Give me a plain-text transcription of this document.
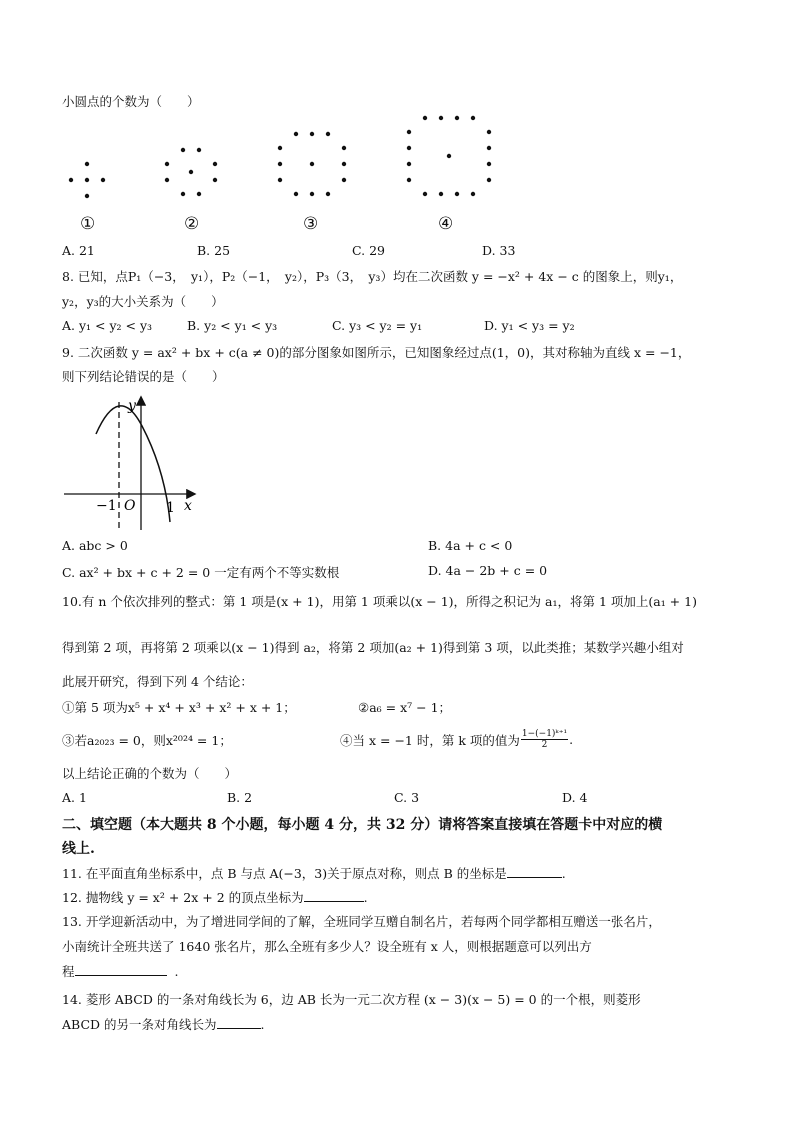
小圆点的个数为（　　）
①	②	③	④
A. 21	B. 25	C. 29	D. 33
8. 已知，点P₁（−3，　y₁），P₂（−1，　y₂），P₃（3，　y₃）均在二次函数 y = −x² + 4x − c 的图象上，则y₁，
y₂，y₃的大小关系为（　　）
A. y₁ < y₂ < y₃	B. y₂ < y₁ < y₃	C. y₃ < y₂ = y₁	D. y₁ < y₃ = y₂
9. 二次函数 y = ax² + bx + c(a ≠ 0)的部分图象如图所示，已知图象经过点(1，0)，其对称轴为直线 x = −1，
则下列结论错误的是（　　）
y
x
O
−1	1
A. abc > 0	B. 4a + c < 0
C. ax² + bx + c + 2 = 0 一定有两个不等实数根	D. 4a − 2b + c = 0
10.有 n 个依次排列的整式：第 1 项是(x + 1)，用第 1 项乘以(x − 1)，所得之积记为 a₁，将第 1 项加上(a₁ + 1)
得到第 2 项，再将第 2 项乘以(x − 1)得到 a₂，将第 2 项加(a₂ + 1)得到第 3 项，以此类推；某数学兴趣小组对
此展开研究，得到下列 4 个结论：
①第 5 项为x⁵ + x⁴ + x³ + x² + x + 1；	②a₆ = x⁷ − 1；
③若a₂₀₂₃ = 0，则x²⁰²⁴ = 1；	④当 x = −1 时，第 k 项的值为 $\frac{\text{1−(−1)ᵏ⁺¹}}{2}$ .
以上结论正确的个数为（　　）
A. 1	B. 2	C. 3	D. 4
二、填空题（本大题共 8 个小题，每小题 4 分，共 32 分）请将答案直接填在答题卡中对应的横
线上.
11. 在平面直角坐标系中，点 B 与点 A(−3，3)关于原点对称，则点 B 的坐标是	.
12. 抛物线 y = x² + 2x + 2 的顶点坐标为	.
13. 开学迎新活动中，为了增进同学间的了解，全班同学互赠自制名片，若每两个同学都相互赠送一张名片，
小南统计全班共送了 1640 张名片，那么全班有多少人？设全班有 x 人，则根据题意可以列出方
程	.
14. 菱形 ABCD 的一条对角线长为 6，边 AB 长为一元二次方程 (x − 3)(x − 5) = 0 的一个根，则菱形
ABCD 的另一条对角线长为	.
